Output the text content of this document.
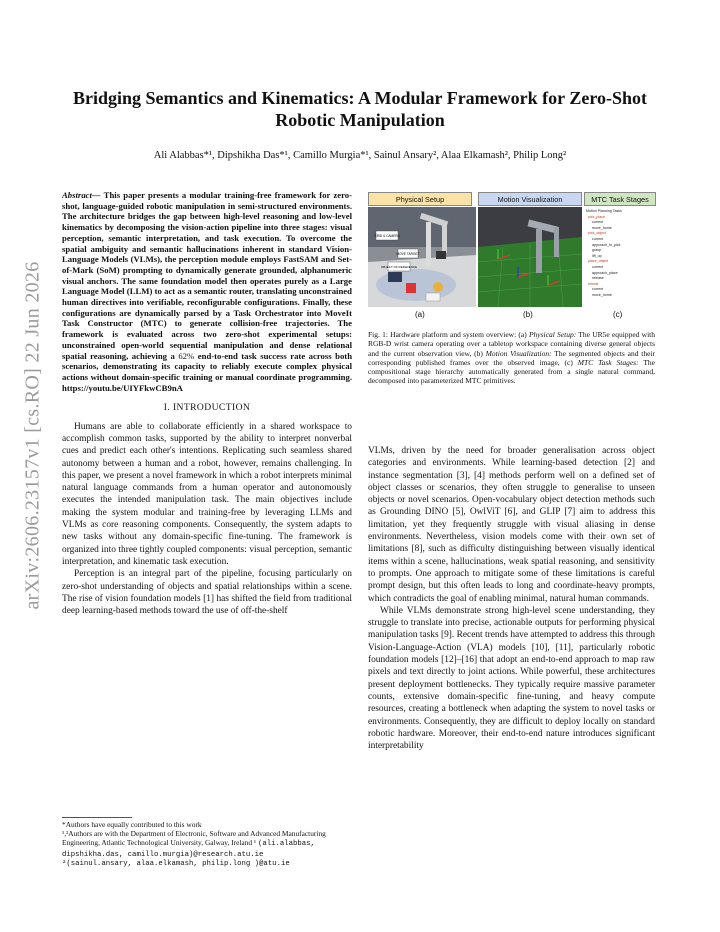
arXiv:2606.23157v1 [cs.RO] 22 Jun 2026
Bridging Semantics and Kinematics: A Modular Framework for Zero-Shot Robotic Manipulation
Ali Alabbas*¹, Dipshikha Das*¹, Camillo Murgia*¹, Sainul Ansary², Alaa Elkamash², Philip Long²
Abstract— This paper presents a modular training-free framework for zero-shot, language-guided robotic manipulation in semi-structured environments. The architecture bridges the gap between high-level reasoning and low-level kinematics by decomposing the vision-action pipeline into three stages: visual perception, semantic interpretation, and task execution. To overcome the spatial ambiguity and semantic hallucinations inherent in standard Vision-Language Models (VLMs), the perception module employs FastSAM and Set-of-Mark (SoM) prompting to dynamically generate grounded, alphanumeric visual anchors. The same foundation model then operates purely as a Large Language Model (LLM) to act as a semantic router, translating unconstrained human directives into verifiable, reconfigurable configurations. Finally, these configurations are dynamically parsed by a Task Orchestrator into MoveIt Task Constructor (MTC) to generate collision-free trajectories. The framework is evaluated across two zero-shot experimental setups: unconstrained open-world sequential manipulation and dense relational spatial reasoning, achieving a 62% end-to-end task success rate across both scenarios, demonstrating its capacity to reliably execute complex physical actions without domain-specific training or manual coordinate programming. https://youtu.be/UIYFkwCB9nA
I. INTRODUCTION

Humans are able to collaborate efficiently in a shared workspace to accomplish common tasks, supported by the ability to interpret nonverbal cues and predict each other's intentions. Replicating such seamless shared autonomy between a human and a robot, however, remains challenging. In this paper, we present a novel framework in which a robot interprets minimal natural language commands from a human operator and autonomously executes the intended manipulation task. The main objectives include making the system modular and training-free by leveraging LLMs and VLMs as core reasoning components. Consequently, the system adapts to new tasks without any domain-specific fine-tuning. The framework is organized into three tightly coupled components: visual perception, semantic interpretation, and kinematic task execution.

Perception is an integral part of the pipeline, focusing particularly on zero-shot understanding of objects and spatial relationships within a scene. The rise of vision foundation models [1] has shifted the field from traditional deep learning-based methods toward the use of off-the-shelf

*Authors have equally contributed to this work
¹,²Authors are with the Department of Electronic, Software and Advanced Manufacturing Engineering, Atlantic Technological University, Galway, Ireland ¹ (ali.alabbas, dipshikha.das, camillo.murgia)@research.atu.ie
²(sainul.ansary, alaa.elkamash, philip.long )@atu.ie
Physical Setup	Motion Visualization	MTC Task Stages
GRID & CAMERA
MOVE TARGET
OBJECT OF REFERENCE
Motion Planning Tasks
pick_place
current
move_home
pick_object
current
approach_to_pick
grasp
lift_up
place_object
current
approach_place
release
retreat
current
move_home
(a)	(b)	(c)
Fig. 1: Hardware platform and system overview: (a) Physical Setup: The UR5e equipped with RGB-D wrist camera operating over a tabletop workspace containing diverse general objects and the current observation view, (b) Motion Visualization: The segmented objects and their corresponding published frames over the observed image, (c) MTC Task Stages: The compositional stage hierarchy automatically generated from a single natural command, decomposed into parameterized MTC primitives.

VLMs, driven by the need for broader generalisation across object categories and environments. While learning-based detection [2] and instance segmentation [3], [4] methods perform well on a defined set of object classes or scenarios, they often struggle to generalise to unseen objects or novel scenarios. Open-vocabulary object detection methods such as Grounding DINO [5], OwlViT [6], and GLIP [7] aim to address this limitation, yet they frequently struggle with visual aliasing in dense environments. Nevertheless, vision models come with their own set of limitations [8], such as difficulty distinguishing between visually identical items within a scene, hallucinations, weak spatial reasoning, and sensitivity to prompts. One approach to mitigate some of these limitations is careful prompt design, but this often leads to long and coordinate-heavy prompts, which contradicts the goal of enabling minimal, natural human commands.

While VLMs demonstrate strong high-level scene understanding, they struggle to translate into precise, actionable outputs for performing physical manipulation tasks [9]. Recent trends have attempted to address this through Vision-Language-Action (VLA) models [10], [11], particularly robotic foundation models [12]–[16] that adopt an end-to-end approach to map raw pixels and text directly to joint actions. While powerful, these architectures present deployment bottlenecks. They typically require massive parameter counts, extensive domain-specific fine-tuning, and heavy compute resources, creating a bottleneck when adapting the system to novel tasks or environments. Consequently, they are difficult to deploy locally on standard robotic hardware. Moreover, their end-to-end nature introduces significant interpretability
